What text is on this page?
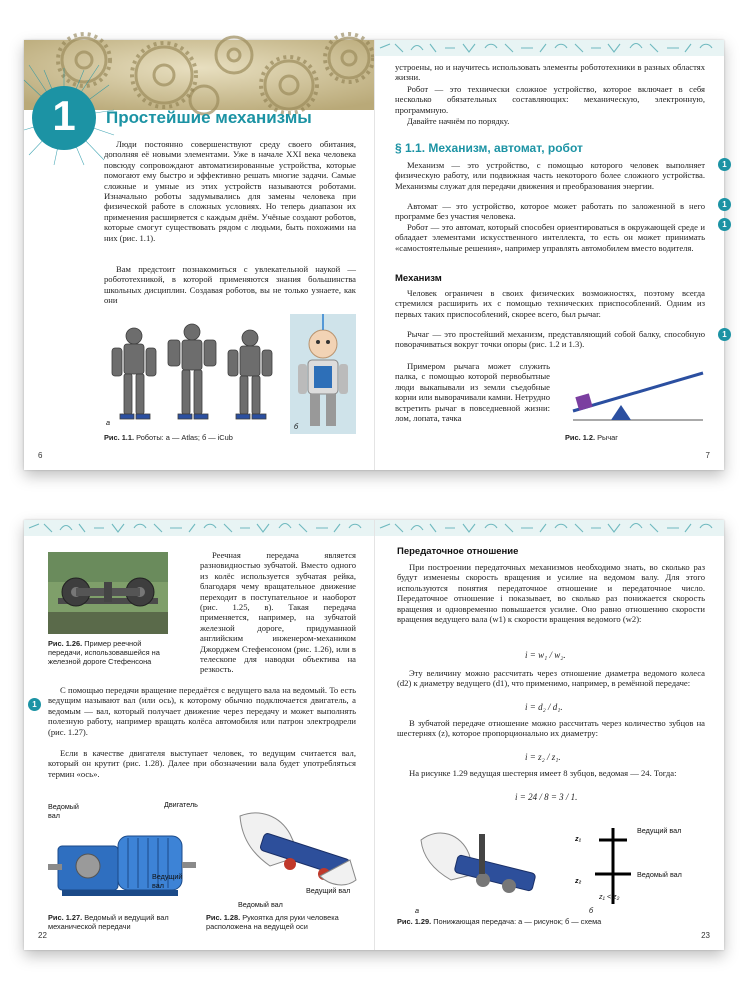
1 Простейшие механизмы
Люди постоянно совершенствуют среду своего обитания, дополняя её новыми элементами. Уже в начале XXI века человека повсюду сопровождают автоматизированные устройства, которые помогают ему быстро и эффективно решать многие задачи. Самые сложные и умные из этих устройств называются роботами. Изначально роботы задумывались для замены человека при физической работе в сложных условиях. Но теперь диапазон их применения расширяется с каждым днём. Учёные создают роботов, которые смогут существовать рядом с людьми, быть похожими на них (рис. 1.1).
Вам предстоит познакомиться с увлекательной наукой — робототехникой, в которой применяются знания большинства школьных дисциплин. Создавая роботов, вы не только узнаете, как они
а	б
Рис. 1.1. Роботы: а — Atlas; б — iCub
6
устроены, но и научитесь использовать элементы робототехники в разных областях жизни.
Робот — это технически сложное устройство, которое включает в себя несколько обязательных составляющих: механическую, электронную, программную.
Давайте начнём по порядку.
§ 1.1. Механизм, автомат, робот
Механизм — это устройство, с помощью которого человек выполняет физическую работу, или подвижная часть некоторого более сложного устройства. Механизмы служат для передачи движения и преобразования энергии.
Автомат — это устройство, которое может работать по заложенной в него программе без участия человека.
Робот — это автомат, который способен ориентироваться в окружающей среде и обладает элементами искусственного интеллекта, то есть он может принимать «самостоятельные решения», например управлять автомобилем вместо водителя.
Механизм
Человек ограничен в своих физических возможностях, поэтому всегда стремился расширить их с помощью технических приспособлений. Одним из первых таких приспособлений, скорее всего, был рычаг.
Рычаг — это простейший механизм, представляющий собой балку, способную поворачиваться вокруг точки опоры (рис. 1.2 и 1.3).
Примером рычага может служить палка, с помощью которой первобытные люди выкапывали из земли съедобные корни или выворачивали камни. Нетрудно встретить рычаг в повседневной жизни: лом, лопата, тачка
Рис. 1.2. Рычаг
7
1
1
1
1
Рис. 1.26. Пример реечной передачи, использовавшейся на железной дороге Стефенсона
Реечная передача является разновидностью зубчатой. Вместо одного из колёс используется зубчатая рейка, благодаря чему вращательное движение переходит в поступательное и наоборот (рис. 1.25, в). Такая передача применяется, например, на зубчатой железной дороге, придуманной английским инженером-механиком Джорджем Стефенсоном (рис. 1.26), или в телескопе для наводки объектива на резкость.
С помощью передачи вращение передаётся с ведущего вала на ведомый. То есть ведущим называют вал (или ось), к которому обычно подключается двигатель, а ведомым — вал, который получает движение через передачу и может выполнять полезную работу, например вращать колёса автомобиля или патрон электродрели (рис. 1.27).
Если в качестве двигателя выступает человек, то ведущим считается вал, который он крутит (рис. 1.28). Далее при обозначении вала будет употребляться термин «ось».
1
Ведомый вал
Двигатель
Ведущий вал
Рис. 1.27. Ведомый и ведущий вал механической передачи
Ведомый вал
Ведущий вал
Рис. 1.28. Рукоятка для руки человека расположена на ведущей оси
22
Передаточное отношение
При построении передаточных механизмов необходимо знать, во сколько раз будут изменены скорость вращения и усилие на ведомом валу. Для этого используются понятия передаточное отношение и передаточное число. Передаточное отношение i показывает, во сколько раз понижается скорость вращения и одновременно повышается усилие. Оно равно отношению скорости вращения ведущего вала (w1) к скорости вращения ведомого (w2):
i = w₁ / w₂.
Эту величину можно рассчитать через отношение диаметра ведомого колеса (d2) к диаметру ведущего (d1), что применимо, например, в ремённой передаче:
i = d₂ / d₁.
В зубчатой передаче отношение можно рассчитать через количество зубцов на шестернях (z), которое пропорционально их диаметру:
i = z₂ / z₁.
На рисунке 1.29 ведущая шестерня имеет 8 зубцов, ведомая — 24. Тогда:
i = 24 / 8 = 3 / 1.
а
z₁
z₂
Ведущий вал
Ведомый вал
z₁ < z₂
б
Рис. 1.29. Понижающая передача: а — рисунок; б — схема
23
